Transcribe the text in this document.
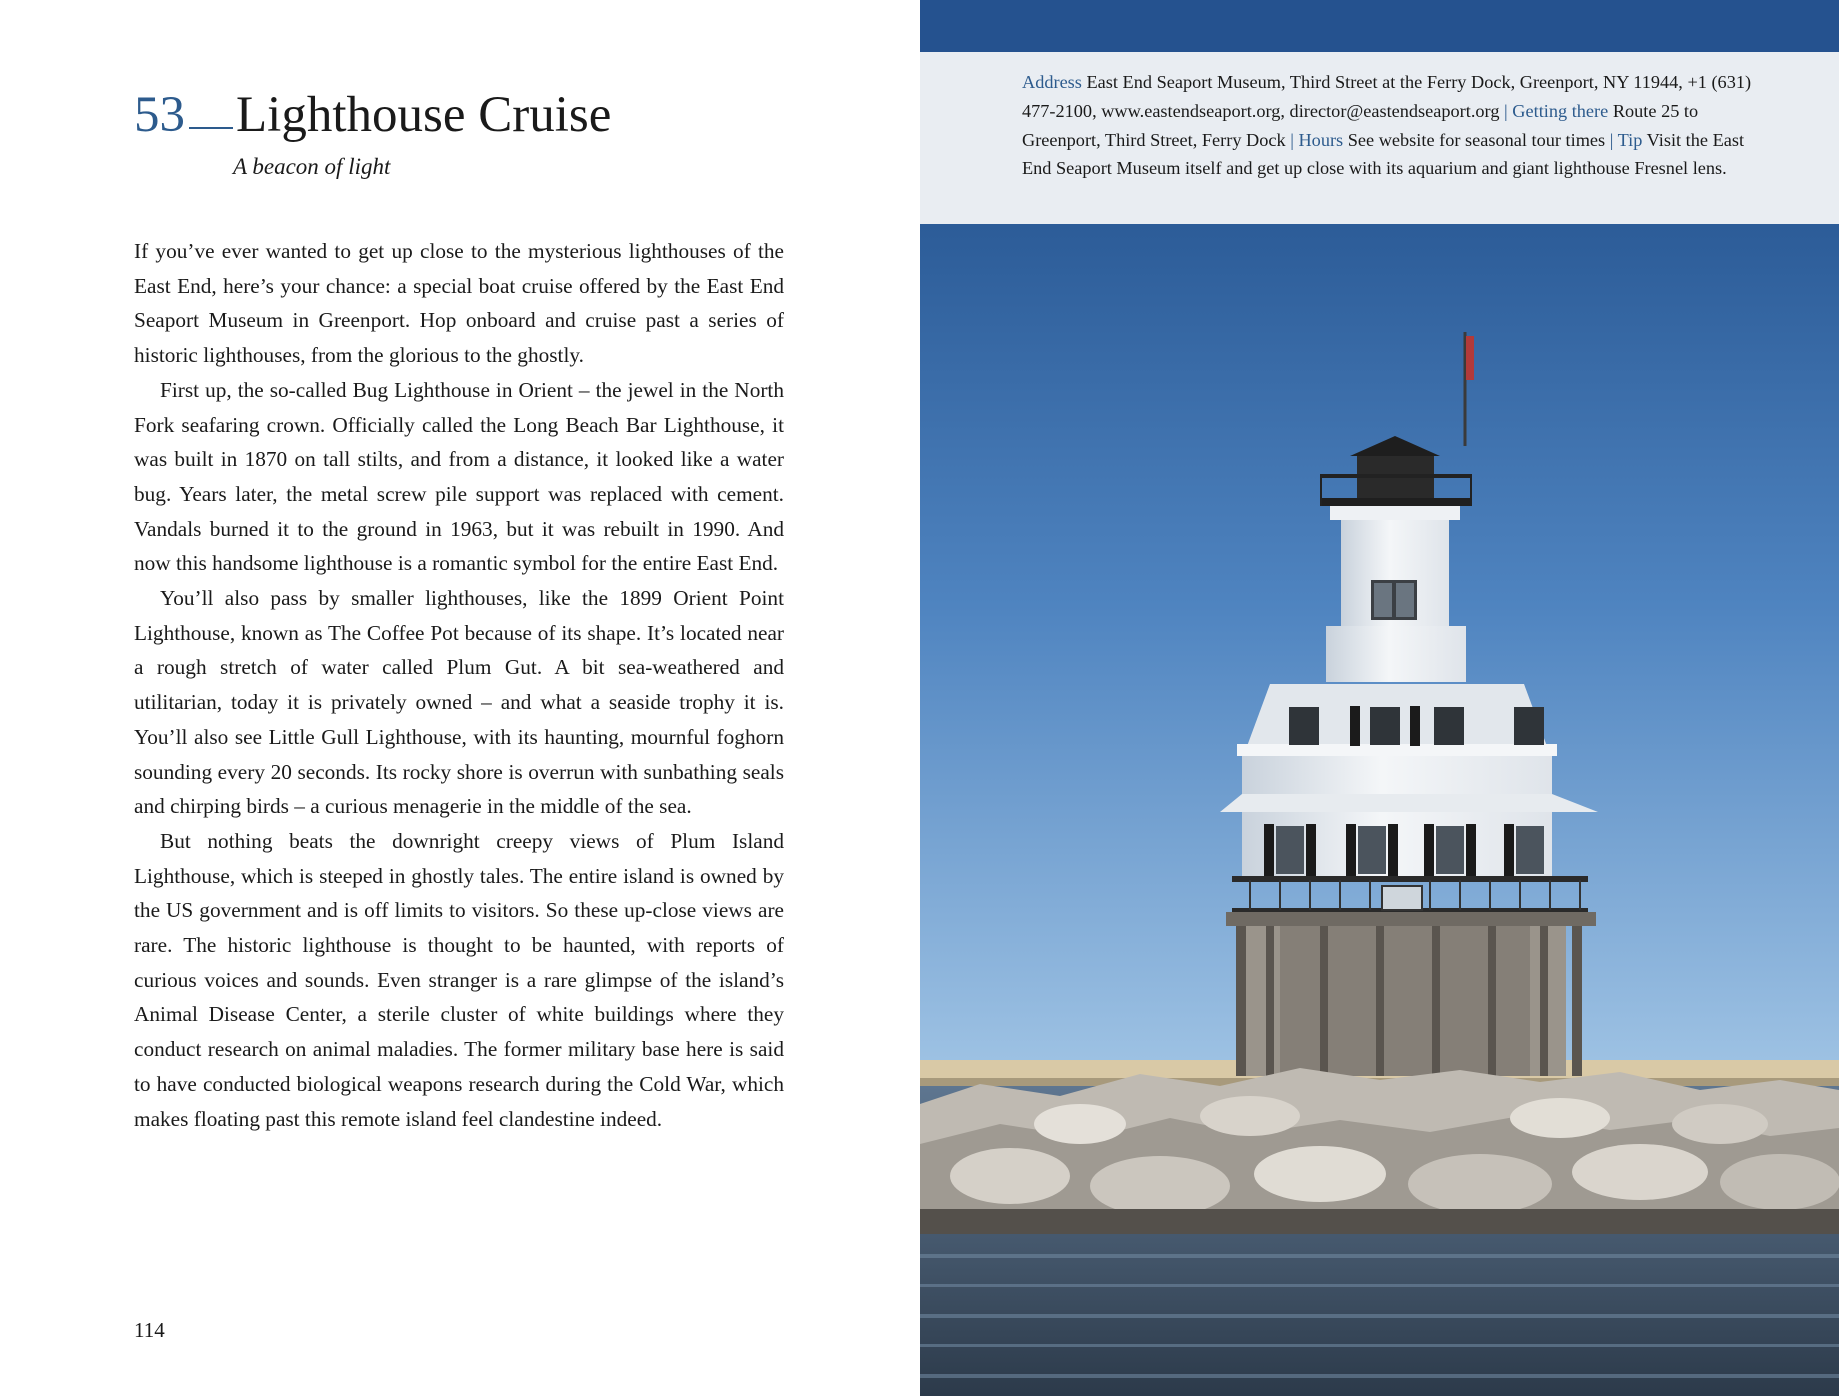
53 Lighthouse Cruise
A beacon of light

If you’ve ever wanted to get up close to the mysterious lighthouses of the East End, here’s your chance: a special boat cruise offered by the East End Seaport Museum in Greenport. Hop onboard and cruise past a series of historic lighthouses, from the glorious to the ghostly.

First up, the so-called Bug Lighthouse in Orient – the jewel in the North Fork seafaring crown. Officially called the Long Beach Bar Lighthouse, it was built in 1870 on tall stilts, and from a distance, it looked like a water bug. Years later, the metal screw pile support was replaced with cement. Vandals burned it to the ground in 1963, but it was rebuilt in 1990. And now this handsome lighthouse is a romantic symbol for the entire East End.

You’ll also pass by smaller lighthouses, like the 1899 Orient Point Lighthouse, known as The Coffee Pot because of its shape. It’s located near a rough stretch of water called Plum Gut. A bit sea-weathered and utilitarian, today it is privately owned – and what a seaside trophy it is. You’ll also see Little Gull Lighthouse, with its haunting, mournful foghorn sounding every 20 seconds. Its rocky shore is overrun with sunbathing seals and chirping birds – a curious menagerie in the middle of the sea.

But nothing beats the downright creepy views of Plum Island Lighthouse, which is steeped in ghostly tales. The entire island is owned by the US government and is off limits to visitors. So these up-close views are rare. The historic lighthouse is thought to be haunted, with reports of curious voices and sounds. Even stranger is a rare glimpse of the island’s Animal Disease Center, a sterile cluster of white buildings where they conduct research on animal maladies. The former military base here is said to have conducted biological weapons research during the Cold War, which makes floating past this remote island feel clandestine indeed.

114
Address East End Seaport Museum, Third Street at the Ferry Dock, Greenport, NY 11944, +1 (631) 477-2100, www.eastendseaport.org, director@eastendseaport.org | Getting there Route 25 to Greenport, Third Street, Ferry Dock | Hours See website for seasonal tour times | Tip Visit the East End Seaport Museum itself and get up close with its aquarium and giant lighthouse Fresnel lens.
